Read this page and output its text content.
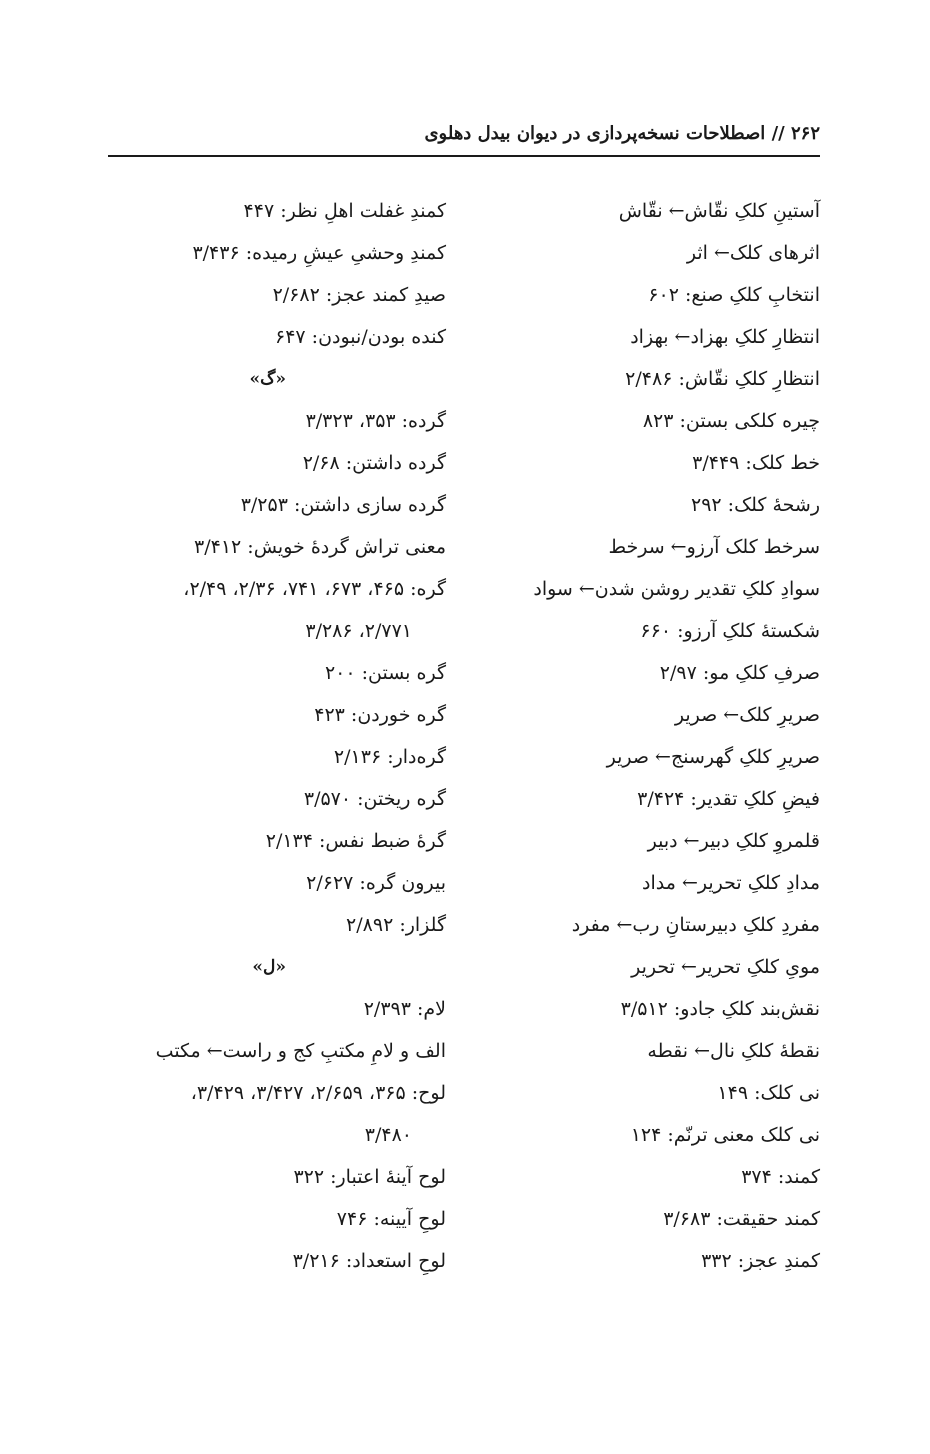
۲۶۲ // اصطلاحات نسخه‌پردازی در دیوان بیدل دهلوی
آستینِ کلکِ نقّاش← نقّاش
اثرهای کلک← اثر
انتخابِ کلکِ صنع: ۶۰۲
انتظارِ کلکِ بهزاد← بهزاد
انتظارِ کلکِ نقّاش: ۲/۴۸۶
چیره کلکی بستن: ۸۲۳
خط کلک: ۳/۴۴۹
رشحهٔ کلک: ۲۹۲
سرخط کلک آرزو← سرخط
سوادِ کلکِ تقدیر روشن شدن← سواد
شکستهٔ کلکِ آرزو: ۶۶۰
صرفِ کلکِ مو: ۲/۹۷
صریرِ کلک← صریر
صریرِ کلکِ گهرسنج← صریر
فیضِ کلکِ تقدیر: ۳/۴۲۴
قلمروِ کلکِ دبیر← دبیر
مدادِ کلکِ تحریر← مداد
مفردِ کلکِ دبیرستانِ رب← مفرد
مویِ کلکِ تحریر← تحریر
نقش‌بند کلکِ جادو: ۳/۵۱۲
نقطهٔ کلکِ نال← نقطه
نی کلک: ۱۴۹
نی کلک معنی ترنّم: ۱۲۴
کمند: ۳۷۴
کمند حقیقت: ۳/۶۸۳
کمندِ عجز: ۳۳۲
کمندِ غفلت اهلِ نظر: ۴۴۷
کمندِ وحشیِ عیشِ رمیده: ۳/۴۳۶
صیدِ کمند عجز: ۲/۶۸۲
کنده بودن/نبودن: ۶۴۷
«گ»
گرده: ۳۵۳، ۳/۳۲۳
گرده داشتن: ۲/۶۸
گرده سازی داشتن: ۳/۲۵۳
معنی تراش گردهٔ خویش: ۳/۴۱۲
گره: ۴۶۵، ۶۷۳، ۷۴۱، ۲/۳۶، ۲/۴۹،
۲/۷۷۱، ۳/۲۸۶
گره بستن: ۲۰۰
گره خوردن: ۴۲۳
گره‌دار: ۲/۱۳۶
گره ریختن: ۳/۵۷۰
گرهٔ ضبط نفس: ۲/۱۳۴
بیرون گره: ۲/۶۲۷
گلزار: ۲/۸۹۲
«ل»
لام: ۲/۳۹۳
الف و لامِ مکتبِ کج و راست← مکتب
لوح: ۳۶۵، ۲/۶۵۹، ۳/۴۲۷، ۳/۴۲۹،
۳/۴۸۰
لوح آینهٔ اعتبار: ۳۲۲
لوحِ آیینه: ۷۴۶
لوحِ استعداد: ۳/۲۱۶
